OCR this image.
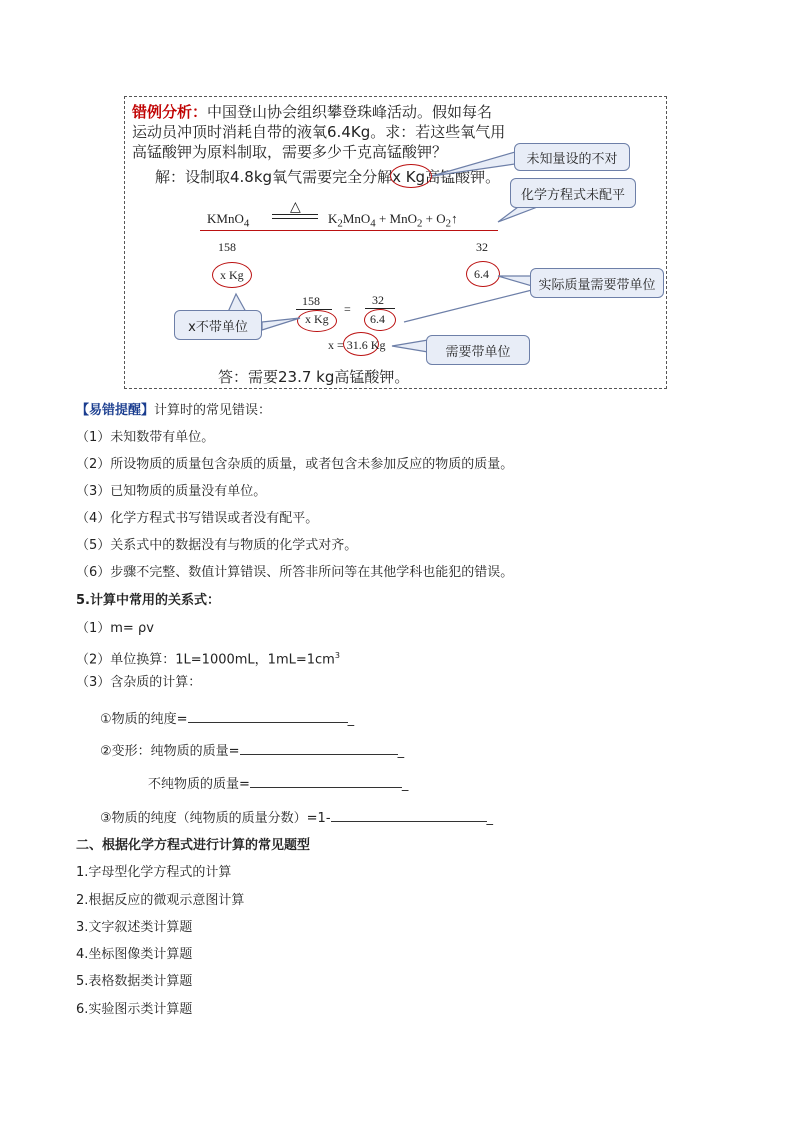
错例分析：中国登山协会组织攀登珠峰活动。假如每名
运动员冲顶时消耗自带的液氧6.4Kg。求：若这些氧气用
高锰酸钾为原料制取，需要多少千克高锰酸钾？
解：设制取4.8kg氧气需要完全分解x Kg高锰酸钾。
KMnO$_4$
△
$K_2MnO_4 + MnO_2$ + $O_2↑$
158	32
x Kg	6.4
158
x Kg
=
32
6.4
x = 31.6 Kg
答：需要23.7 kg高锰酸钾。
未知量设的不对
化学方程式未配平
实际质量需要带单位
x不带单位
需要带单位
【易错提醒】计算时的常见错误：
（1）未知数带有单位。
（2）所设物质的质量包含杂质的质量，或者包含未参加反应的物质的质量。
（3）已知物质的质量没有单位。
（4）化学方程式书写错误或者没有配平。
（5）关系式中的数据没有与物质的化学式对齐。
（6）步骤不完整、数值计算错误、所答非所问等在其他学科也能犯的错误。
5.计算中常用的关系式：
（1）m= ρv
（2）单位换算：1L=1000mL，$1mL=1cm^3$
（3）含杂质的计算：
①物质的纯度=	_
②变形：纯物质的质量=	_
不纯物质的质量=	_
③物质的纯度（纯物质的质量分数）=1-	_
二、根据化学方程式进行计算的常见题型
1.字母型化学方程式的计算
2.根据反应的微观示意图计算
3.文字叙述类计算题
4.坐标图像类计算题
5.表格数据类计算题
6.实验图示类计算题
